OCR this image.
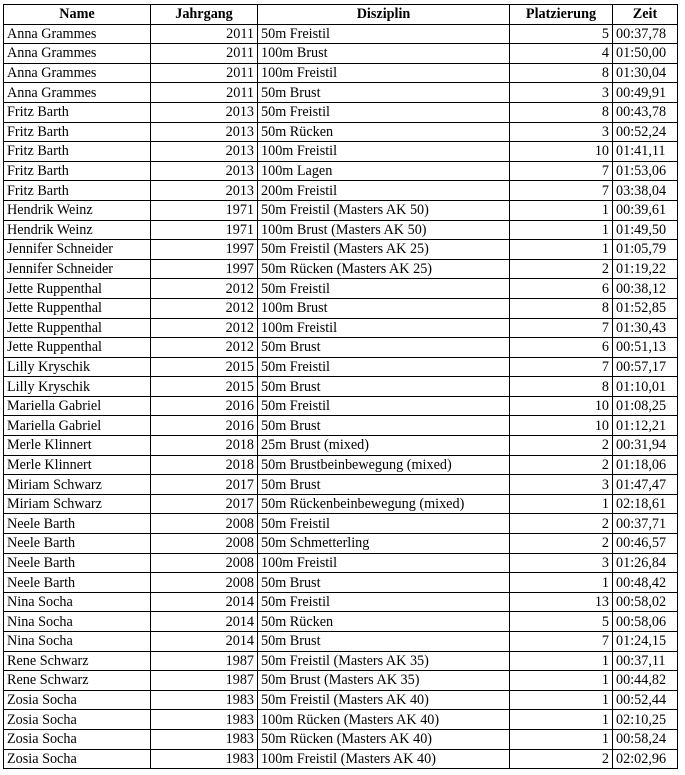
Name	Jahrgang	Disziplin	Platzierung	Zeit
Anna Grammes	2011	50m Freistil	5	00:37,78
Anna Grammes	2011	100m Brust	4	01:50,00
Anna Grammes	2011	100m Freistil	8	01:30,04
Anna Grammes	2011	50m Brust	3	00:49,91
Fritz Barth	2013	50m Freistil	8	00:43,78
Fritz Barth	2013	50m Rücken	3	00:52,24
Fritz Barth	2013	100m Freistil	10	01:41,11
Fritz Barth	2013	100m Lagen	7	01:53,06
Fritz Barth	2013	200m Freistil	7	03:38,04
Hendrik Weinz	1971	50m Freistil (Masters AK 50)	1	00:39,61
Hendrik Weinz	1971	100m Brust (Masters AK 50)	1	01:49,50
Jennifer Schneider	1997	50m Freistil (Masters AK 25)	1	01:05,79
Jennifer Schneider	1997	50m Rücken (Masters AK 25)	2	01:19,22
Jette Ruppenthal	2012	50m Freistil	6	00:38,12
Jette Ruppenthal	2012	100m Brust	8	01:52,85
Jette Ruppenthal	2012	100m Freistil	7	01:30,43
Jette Ruppenthal	2012	50m Brust	6	00:51,13
Lilly Kryschik	2015	50m Freistil	7	00:57,17
Lilly Kryschik	2015	50m Brust	8	01:10,01
Mariella Gabriel	2016	50m Freistil	10	01:08,25
Mariella Gabriel	2016	50m Brust	10	01:12,21
Merle Klinnert	2018	25m Brust (mixed)	2	00:31,94
Merle Klinnert	2018	50m Brustbeinbewegung (mixed)	2	01:18,06
Miriam Schwarz	2017	50m Brust	3	01:47,47
Miriam Schwarz	2017	50m Rückenbeinbewegung (mixed)	1	02:18,61
Neele Barth	2008	50m Freistil	2	00:37,71
Neele Barth	2008	50m Schmetterling	2	00:46,57
Neele Barth	2008	100m Freistil	3	01:26,84
Neele Barth	2008	50m Brust	1	00:48,42
Nina Socha	2014	50m Freistil	13	00:58,02
Nina Socha	2014	50m Rücken	5	00:58,06
Nina Socha	2014	50m Brust	7	01:24,15
Rene Schwarz	1987	50m Freistil (Masters AK 35)	1	00:37,11
Rene Schwarz	1987	50m Brust (Masters AK 35)	1	00:44,82
Zosia Socha	1983	50m Freistil (Masters AK 40)	1	00:52,44
Zosia Socha	1983	100m Rücken (Masters AK 40)	1	02:10,25
Zosia Socha	1983	50m Rücken (Masters AK 40)	1	00:58,24
Zosia Socha	1983	100m Freistil (Masters AK 40)	2	02:02,96
